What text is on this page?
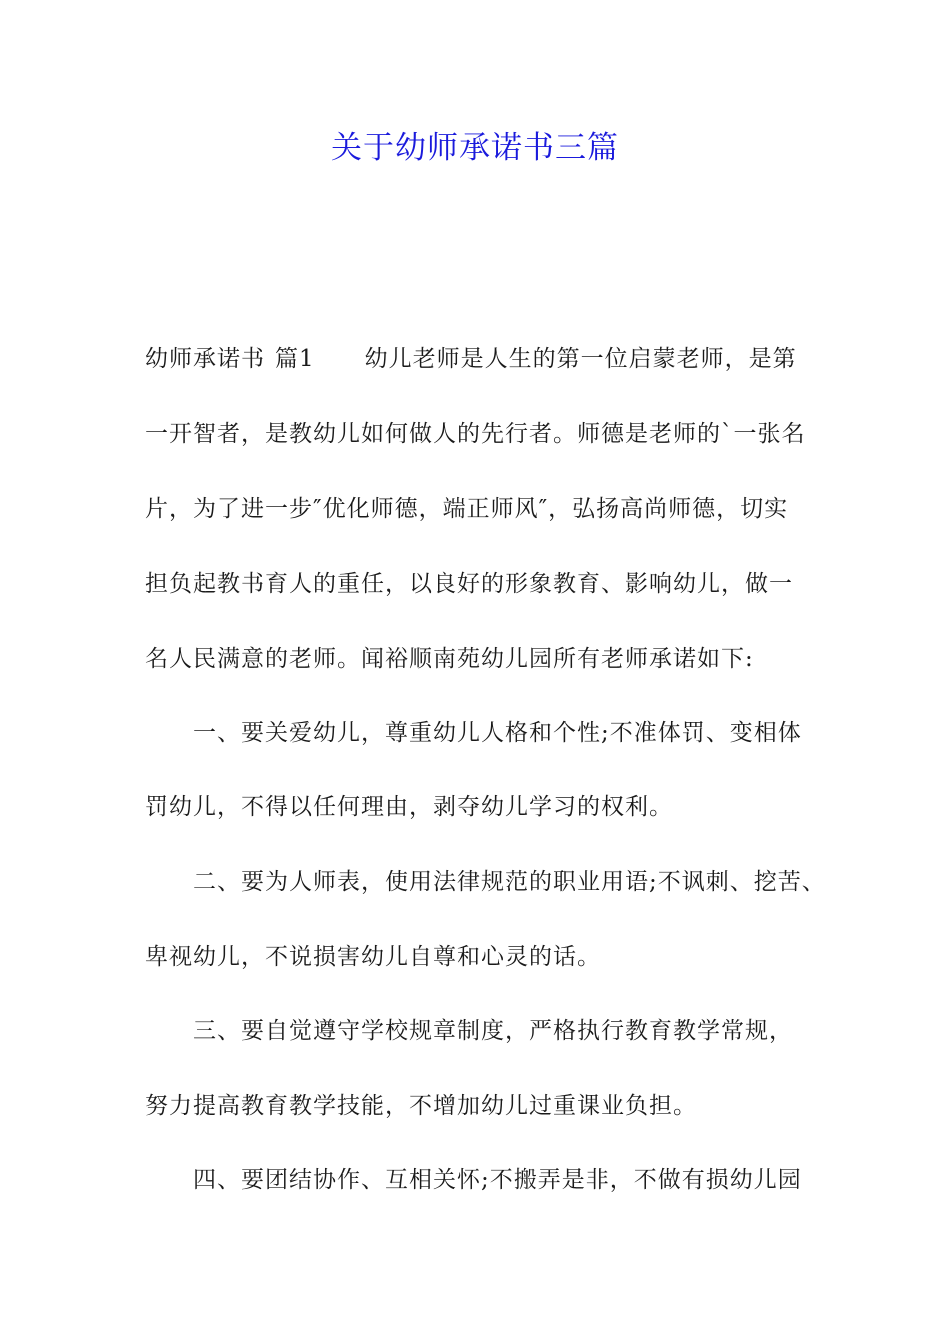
关于幼师承诺书三篇
幼师承诺书 篇1 幼儿老师是人生的第一位启蒙老师，是第
一开智者，是教幼儿如何做人的先行者。师德是老师的`一张名
片，为了进一步″优化师德，端正师风″，弘扬高尚师德，切实
担负起教书育人的重任，以良好的形象教育、影响幼儿，做一
名人民满意的老师。闻裕顺南苑幼儿园所有老师承诺如下:
一、要关爱幼儿，尊重幼儿人格和个性;不准体罚、变相体
罚幼儿，不得以任何理由，剥夺幼儿学习的权利。
二、要为人师表，使用法律规范的职业用语;不讽刺、挖苦、
卑视幼儿，不说损害幼儿自尊和心灵的话。
三、要自觉遵守学校规章制度，严格执行教育教学常规，
努力提高教育教学技能，不增加幼儿过重课业负担。
四、要团结协作、互相关怀;不搬弄是非，不做有损幼儿园
